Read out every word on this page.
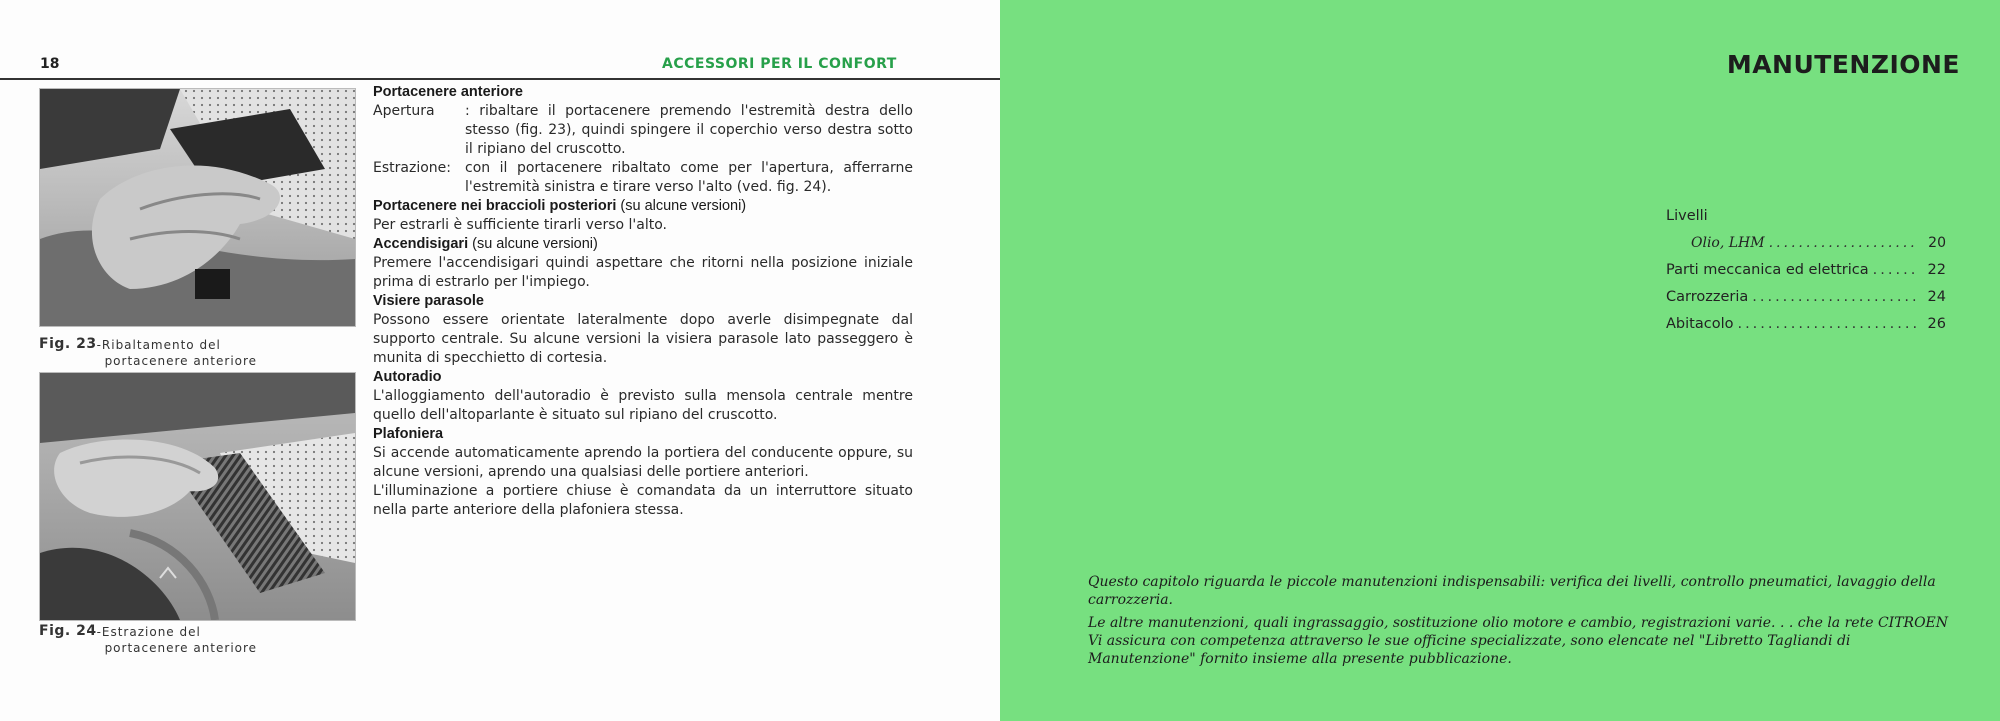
18	ACCESSORI PER IL CONFORT
Fig. 23-Ribaltamento del
portacenere anteriore
Fig. 24-Estrazione del
portacenere anteriore
Portacenere anteriore
Apertura	: ribaltare il portacenere premendo l'estremità destra dello stesso (fig. 23), quindi spingere il coperchio verso destra sotto il ripiano del cruscotto.
Estrazione:	con il portacenere ribaltato come per l'apertura, afferrarne l'estremità sinistra e tirare verso l'alto (ved. fig. 24).
Portacenere nei braccioli posteriori (su alcune versioni)
Per estrarli è sufficiente tirarli verso l'alto.
Accendisigari (su alcune versioni)
Premere l'accendisigari quindi aspettare che ritorni nella posizione iniziale prima di estrarlo per l'impiego.
Visiere parasole
Possono essere orientate lateralmente dopo averle disimpegnate dal supporto centrale. Su alcune versioni la visiera parasole lato passeggero è munita di specchietto di cortesia.
Autoradio
L'alloggiamento dell'autoradio è previsto sulla mensola centrale mentre quello dell'altoparlante è situato sul ripiano del cruscotto.
Plafoniera
Si accende automaticamente aprendo la portiera del conducente oppure, su alcune versioni, aprendo una qualsiasi delle portiere anteriori.
L'illuminazione a portiere chiuse è comandata da un interruttore situato nella parte anteriore della plafoniera stessa.
MANUTENZIONE
Livelli
Olio, LHM .....	20
Parti meccanica ed elettrica .....	22
Carrozzeria .....	24
Abitacolo .....	26

Questo capitolo riguarda le piccole manutenzioni indispensabili: verifica dei livelli, controllo pneumatici, lavaggio della carrozzeria.

Le altre manutenzioni, quali ingrassaggio, sostituzione olio motore e cambio, registrazioni varie. . . che la rete CITROEN Vi assicura con competenza attraverso le sue officine specializzate, sono elencate nel "Libretto Tagliandi di Manutenzione" fornito insieme alla presente pubblicazione.
